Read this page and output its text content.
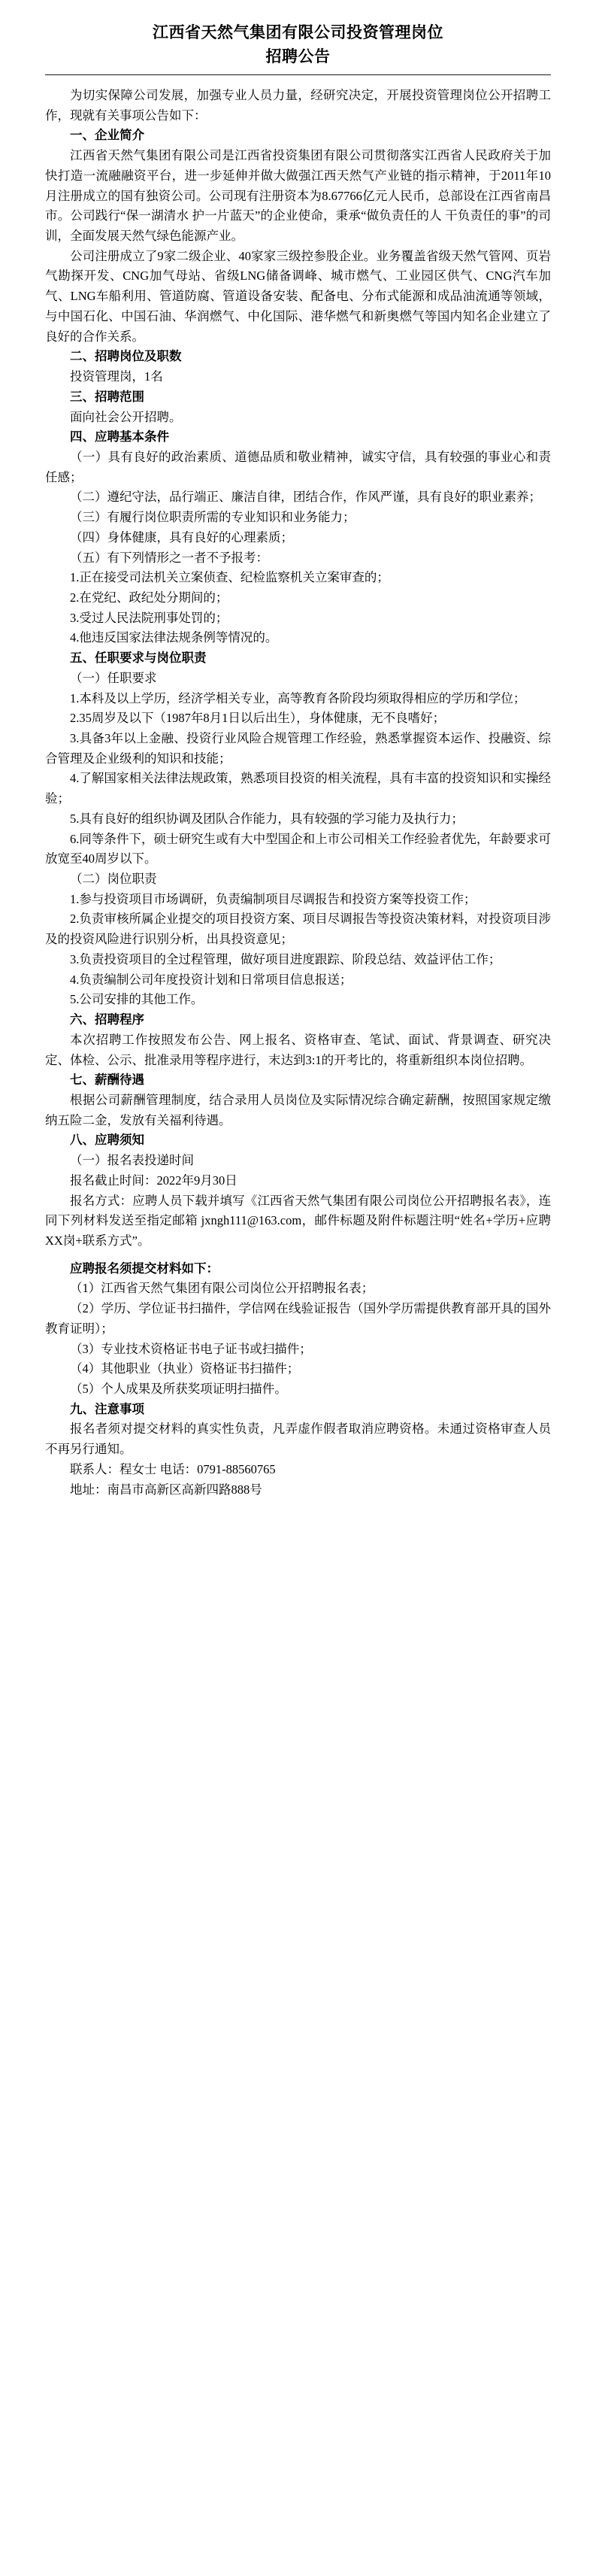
江西省天然气集团有限公司投资管理岗位
招聘公告

为切实保障公司发展，加强专业人员力量，经研究决定，开展投资管理岗位公开招聘工作，现就有关事项公告如下：

一、企业简介

江西省天然气集团有限公司是江西省投资集团有限公司贯彻落实江西省人民政府关于加快打造一流融融资平台，进一步延伸并做大做强江西天然气产业链的指示精神，于2011年10月注册成立的国有独资公司。公司现有注册资本为8.67766亿元人民币，总部设在江西省南昌市。公司践行“保一湖清水 护一片蓝天”的企业使命，秉承“做负责任的人 干负责任的事”的司训，全面发展天然气绿色能源产业。

公司注册成立了9家二级企业、40家家三级控参股企业。业务覆盖省级天然气管网、页岩气勘探开发、CNG加气母站、省级LNG储备调峰、城市燃气、工业园区供气、CNG汽车加气、LNG车船利用、管道防腐、管道设备安装、配备电、分布式能源和成品油流通等领域，与中国石化、中国石油、华润燃气、中化国际、港华燃气和新奥燃气等国内知名企业建立了良好的合作关系。

二、招聘岗位及职数

投资管理岗，1名

三、招聘范围

面向社会公开招聘。

四、应聘基本条件

（一）具有良好的政治素质、道德品质和敬业精神，诚实守信，具有较强的事业心和责任感；

（二）遵纪守法，品行端正、廉洁自律，团结合作，作风严谨，具有良好的职业素养；

（三）有履行岗位职责所需的专业知识和业务能力；

（四）身体健康，具有良好的心理素质；

（五）有下列情形之一者不予报考：

1.正在接受司法机关立案侦查、纪检监察机关立案审查的；

2.在党纪、政纪处分期间的；

3.受过人民法院刑事处罚的；

4.他违反国家法律法规条例等情况的。

五、任职要求与岗位职责

（一）任职要求

1.本科及以上学历，经济学相关专业，高等教育各阶段均须取得相应的学历和学位；

2.35周岁及以下（1987年8月1日以后出生），身体健康，无不良嗜好；

3.具备3年以上金融、投资行业风险合规管理工作经验，熟悉掌握资本运作、投融资、综合管理及企业级利的知识和技能；

4.了解国家相关法律法规政策，熟悉项目投资的相关流程，具有丰富的投资知识和实操经验；

5.具有良好的组织协调及团队合作能力，具有较强的学习能力及执行力；

6.同等条件下，硕士研究生或有大中型国企和上市公司相关工作经验者优先，年龄要求可放宽至40周岁以下。

（二）岗位职责

1.参与投资项目市场调研，负责编制项目尽调报告和投资方案等投资工作；

2.负责审核所属企业提交的项目投资方案、项目尽调报告等投资决策材料，对投资项目涉及的投资风险进行识别分析，出具投资意见；

3.负责投资项目的全过程管理，做好项目进度跟踪、阶段总结、效益评估工作；

4.负责编制公司年度投资计划和日常项目信息报送；

5.公司安排的其他工作。

六、招聘程序

本次招聘工作按照发布公告、网上报名、资格审查、笔试、面试、背景调查、研究决定、体检、公示、批准录用等程序进行，末达到3:1的开考比的，将重新组织本岗位招聘。

七、薪酬待遇

根据公司薪酬管理制度，结合录用人员岗位及实际情况综合确定薪酬，按照国家规定缴纳五险二金，发放有关福利待遇。

八、应聘须知

（一）报名表投递时间

报名截止时间：2022年9月30日

报名方式：应聘人员下载并填写《江西省天然气集团有限公司岗位公开招聘报名表》，连同下列材料发送至指定邮箱 jxngh111@163.com，邮件标题及附件标题注明“姓名+学历+应聘XX岗+联系方式”。

应聘报名须提交材料如下：

（1）江西省天然气集团有限公司岗位公开招聘报名表；

（2）学历、学位证书扫描件，学信网在线验证报告（国外学历需提供教育部开具的国外教育证明）；

（3）专业技术资格证书电子证书或扫描件；

（4）其他职业（执业）资格证书扫描件；

（5）个人成果及所获奖项证明扫描件。

九、注意事项

报名者须对提交材料的真实性负责，凡弄虚作假者取消应聘资格。未通过资格审查人员不再另行通知。

联系人：程女士 电话：0791-88560765

地址：南昌市高新区高新四路888号
